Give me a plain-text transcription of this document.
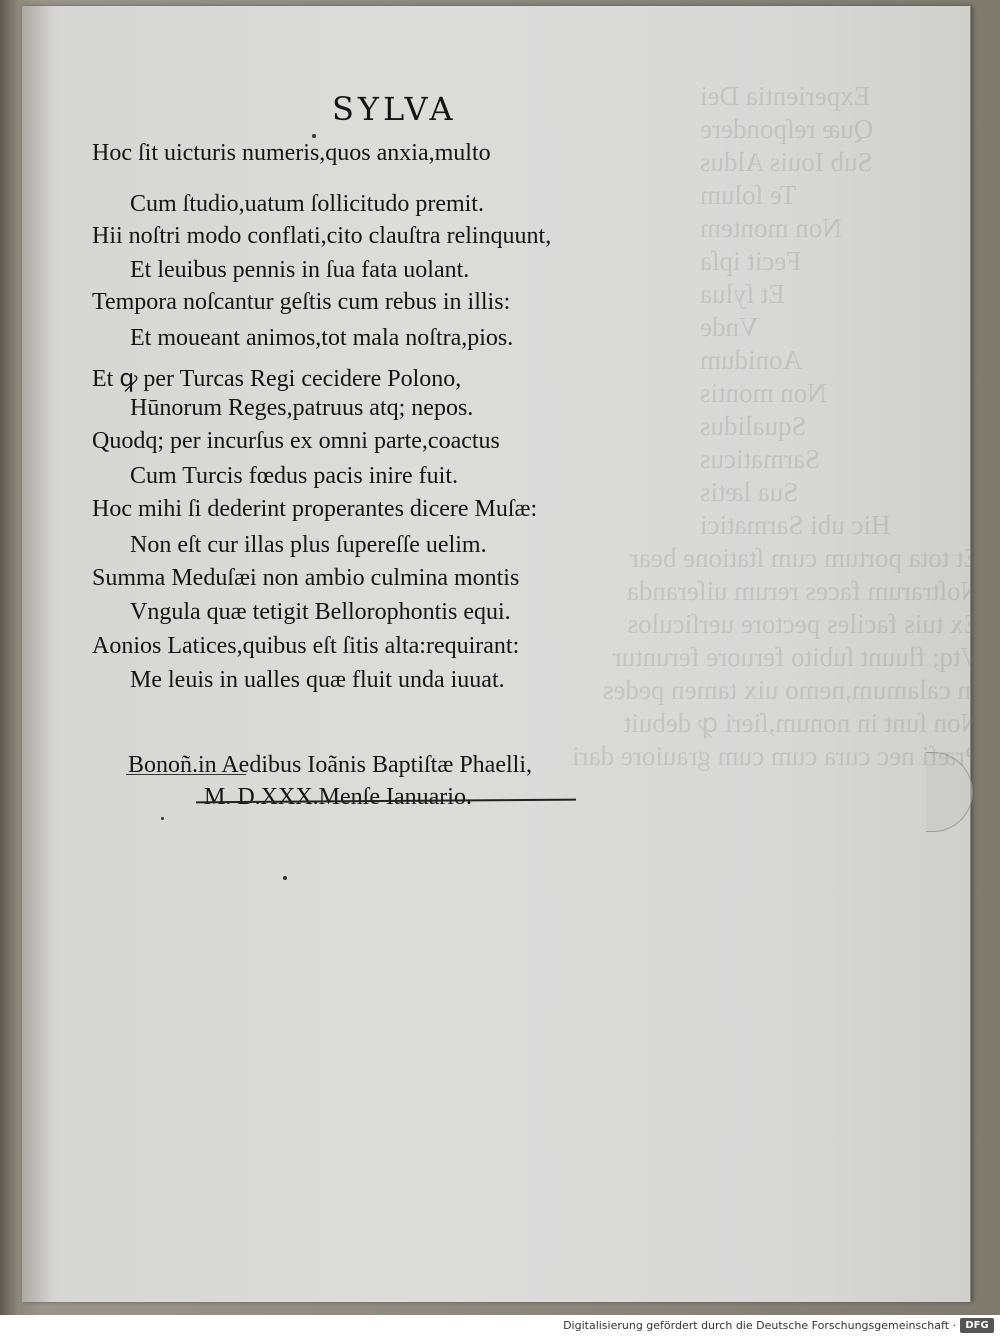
Experientia Dei
Quæ reſpondere
Sub Iouis Aldus
Te ſolum
Non montem
Fecit ipſa
Et ſylua
Vnde
Aonidum
Non montis
Squalidus
Sarmaticus
Sua lætis
Hic ubi Sarmatici
Et tota portum cum ſtatione bear
Noſtrarum faces rerum uiſeranda
Ex tuis faciles pectore uerſiculos
Vtq; fluunt ſubito feruore feruntur
In calamum,nemo uix tamen pedes
Non ſunt in nonum,ſieri ꝙ debuit
Præfi nec cura cum cum grauiore dari
SYLVA
Hoc ſit uicturis numeris,quos anxia,multo
Cum ſtudio,uatum ſollicitudo premit.
Hii noſtri modo conflati,cito clauſtra relinquunt,
Et leuibus pennis in ſua fata uolant.
Tempora noſcantur geſtis cum rebus in illis:
Et moueant animos,tot mala noſtra,pios.
Et ꝙ per Turcas Regi cecidere Polono,
Hūnorum Reges,patruus atq; nepos.
Quodq; per incurſus ex omni parte,coactus
Cum Turcis fœdus pacis inire fuit.
Hoc mihi ſi dederint properantes dicere Muſæ:
Non eſt cur illas plus ſupereſſe uelim.
Summa Meduſæi non ambio culmina montis
Vngula quæ tetigit Bellorophontis equi.
Aonios Latices,quibus eſt ſitis alta:requirant:
Me leuis in ualles quæ fluit unda iuuat.
Bonoñ.in Aedibus Ioãnis Baptiſtæ Phaelli,
M. D.XXX.Menſe Ianuario.
Digitalisierung gefördert durch die Deutsche Forschungsgemeinschaft · DFG
